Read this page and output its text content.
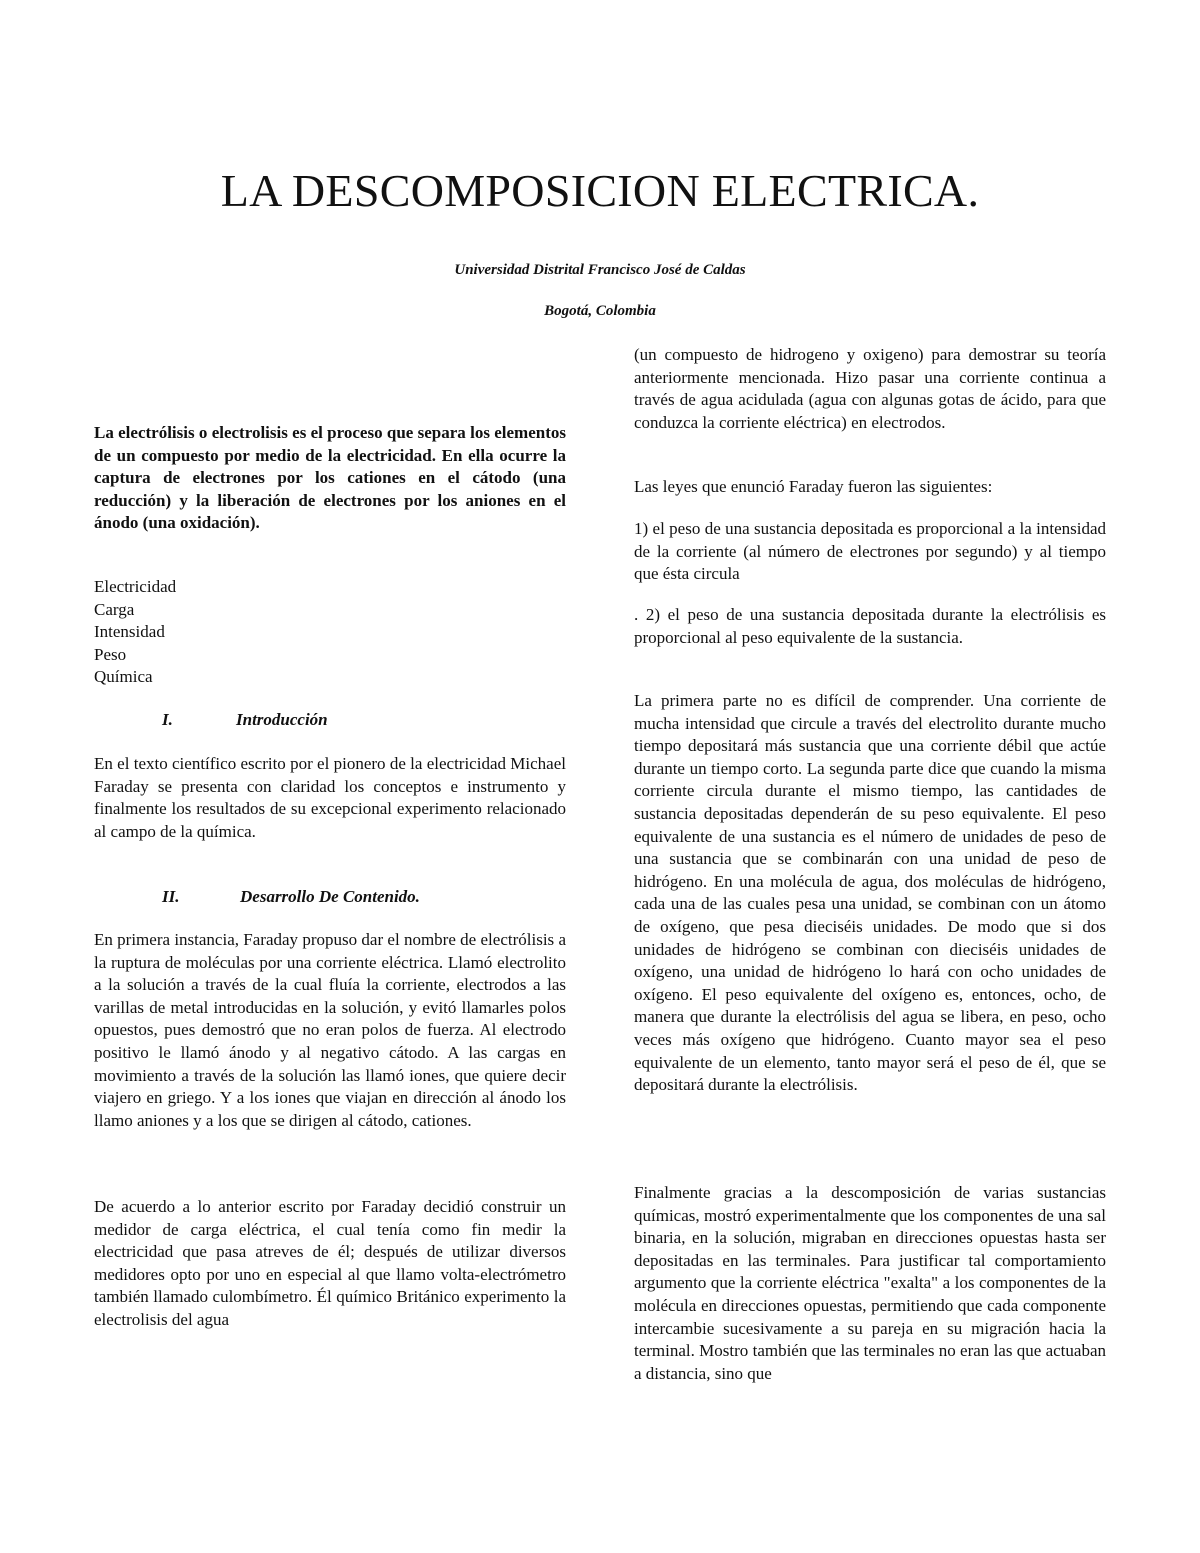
LA DESCOMPOSICION ELECTRICA.

Universidad Distrital Francisco José de Caldas

Bogotá, Colombia

La electrólisis o electrolisis es el proceso que separa los elementos de un compuesto por medio de la electricidad. En ella ocurre la captura de electrones por los cationes en el cátodo (una reducción) y la liberación de electrones por los aniones en el ánodo (una oxidación).

Electricidad
Carga
Intensidad
Peso
Química
I.	Introducción

En el texto científico escrito por el pionero de la electricidad Michael Faraday se presenta con claridad los conceptos e instrumento y finalmente los resultados de su excepcional experimento relacionado al campo de la química.

II.	Desarrollo De Contenido.

En primera instancia, Faraday propuso dar el nombre de electrólisis a la ruptura de moléculas por una corriente eléctrica. Llamó electrolito a la solución a través de la cual fluía la corriente, electrodos a las varillas de metal introducidas en la solución, y evitó llamarles polos opuestos, pues demostró que no eran polos de fuerza. Al electrodo positivo le llamó ánodo y al negativo cátodo. A las cargas en movimiento a través de la solución las llamó iones, que quiere decir viajero en griego. Y a los iones que viajan en dirección al ánodo los llamo aniones y a los que se dirigen al cátodo, cationes.

De acuerdo a lo anterior escrito por Faraday decidió construir un medidor de carga eléctrica, el cual tenía como fin medir la electricidad que pasa atreves de él; después de utilizar diversos medidores opto por uno en especial al que llamo volta-electrómetro también llamado culombímetro. Él químico Británico experimento la electrolisis del agua

(un compuesto de hidrogeno y oxigeno) para demostrar su teoría anteriormente mencionada. Hizo pasar una corriente continua a través de agua acidulada (agua con algunas gotas de ácido, para que conduzca la corriente eléctrica) en electrodos.

Las leyes que enunció Faraday fueron las siguientes:

1) el peso de una sustancia depositada es proporcional a la intensidad de la corriente (al número de electrones por segundo) y al tiempo que ésta circula

. 2) el peso de una sustancia depositada durante la electrólisis es proporcional al peso equivalente de la sustancia.

La primera parte no es difícil de comprender. Una corriente de mucha intensidad que circule a través del electrolito durante mucho tiempo depositará más sustancia que una corriente débil que actúe durante un tiempo corto. La segunda parte dice que cuando la misma corriente circula durante el mismo tiempo, las cantidades de sustancia depositadas dependerán de su peso equivalente. El peso equivalente de una sustancia es el número de unidades de peso de una sustancia que se combinarán con una unidad de peso de hidrógeno. En una molécula de agua, dos moléculas de hidrógeno, cada una de las cuales pesa una unidad, se combinan con un átomo de oxígeno, que pesa dieciséis unidades. De modo que si dos unidades de hidrógeno se combinan con dieciséis unidades de oxígeno, una unidad de hidrógeno lo hará con ocho unidades de oxígeno. El peso equivalente del oxígeno es, entonces, ocho, de manera que durante la electrólisis del agua se libera, en peso, ocho veces más oxígeno que hidrógeno. Cuanto mayor sea el peso equivalente de un elemento, tanto mayor será el peso de él, que se depositará durante la electrólisis.

Finalmente gracias a la descomposición de varias sustancias químicas, mostró experimentalmente que los componentes de una sal binaria, en la solución, migraban en direcciones opuestas hasta ser depositadas en las terminales. Para justificar tal comportamiento argumento que la corriente eléctrica "exalta" a los componentes de la molécula en direcciones opuestas, permitiendo que cada componente intercambie sucesivamente a su pareja en su migración hacia la terminal. Mostro también que las terminales no eran las que actuaban a distancia, sino que
